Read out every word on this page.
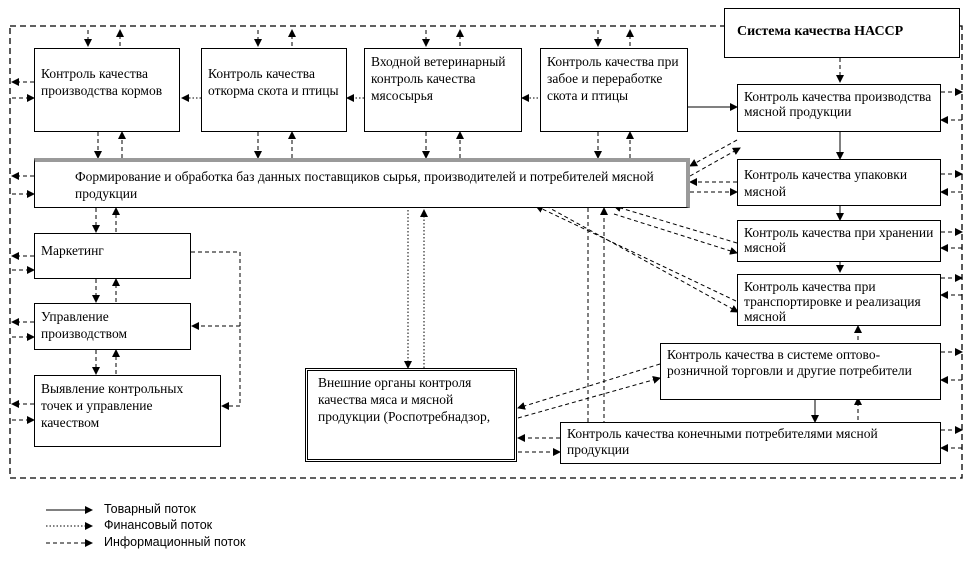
Система качества НАССР
Контроль качества производства кормов
Контроль качества откорма скота и птицы
Входной ветеринарный контроль качества мясосырья
Контроль качества при забое и переработке скота и птицы	Контроль качества производства мясной продукции
Формирование и обработка баз данных поставщиков сырья, производителей и потребителей мясной продукции
Контроль качества упаковки мясной
Контроль качества при хранении мясной
Контроль качества при транспортировке и реализация мясной
Маркетинг
Управление производством
Выявление контрольных точек и управление качеством
Внешние органы контроля качества мяса и мясной продукции (Роспотребнадзор,
Контроль качества в системе оптово-розничной торговли и другие потребители
Контроль качества конечными потребителями мясной продукции
Товарный поток
Финансовый поток
Информационный поток
